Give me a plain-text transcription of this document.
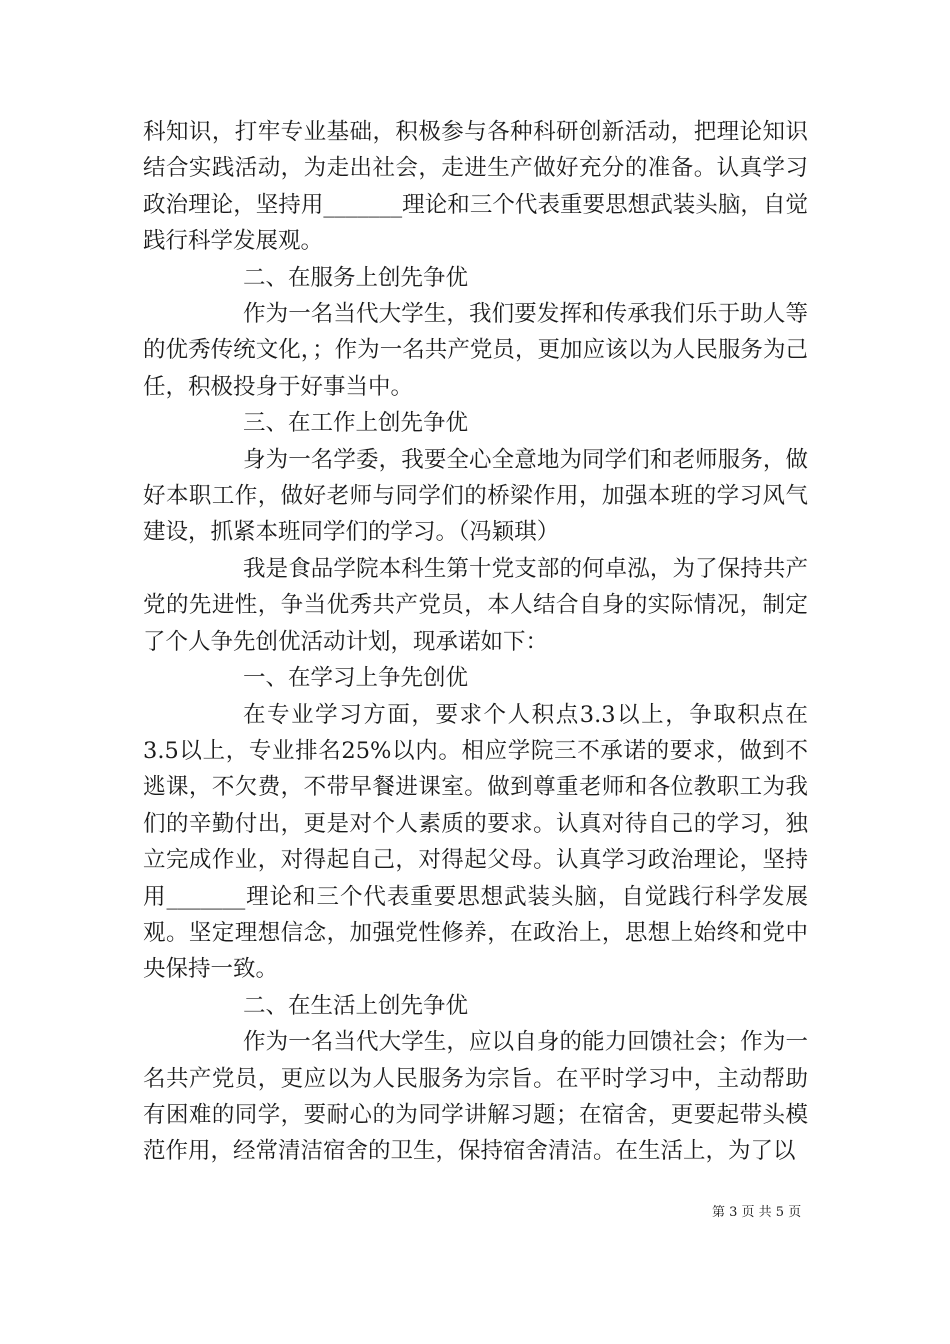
科知识，打牢专业基础，积极参与各种科研创新活动，把理论知识结合实践活动，为走出社会，走进生产做好充分的准备。认真学习政治理论，坚持用_______理论和三个代表重要思想武装头脑，自觉践行科学发展观。

二、在服务上创先争优

作为一名当代大学生，我们要发挥和传承我们乐于助人等的优秀传统文化，；作为一名共产党员，更加应该以为人民服务为己任，积极投身于好事当中。

三、在工作上创先争优

身为一名学委，我要全心全意地为同学们和老师服务，做好本职工作，做好老师与同学们的桥梁作用，加强本班的学习风气建设，抓紧本班同学们的学习。（冯颖琪）

我是食品学院本科生第十党支部的何卓泓，为了保持共产党的先进性，争当优秀共产党员，本人结合自身的实际情况，制定了个人争先创优活动计划，现承诺如下：

一、在学习上争先创优

在专业学习方面，要求个人积点3.3以上，争取积点在3.5以上，专业排名25%以内。相应学院三不承诺的要求，做到不逃课，不欠费，不带早餐进课室。做到尊重老师和各位教职工为我们的辛勤付出，更是对个人素质的要求。认真对待自己的学习，独立完成作业，对得起自己，对得起父母。认真学习政治理论，坚持用_______理论和三个代表重要思想武装头脑，自觉践行科学发展观。坚定理想信念，加强党性修养，在政治上，思想上始终和党中央保持一致。

二、在生活上创先争优

作为一名当代大学生，应以自身的能力回馈社会；作为一名共产党员，更应以为人民服务为宗旨。在平时学习中，主动帮助有困难的同学，要耐心的为同学讲解习题；在宿舍，更要起带头模范作用，经常清洁宿舍的卫生，保持宿舍清洁。在生活上，为了以

第 3 页 共 5 页
